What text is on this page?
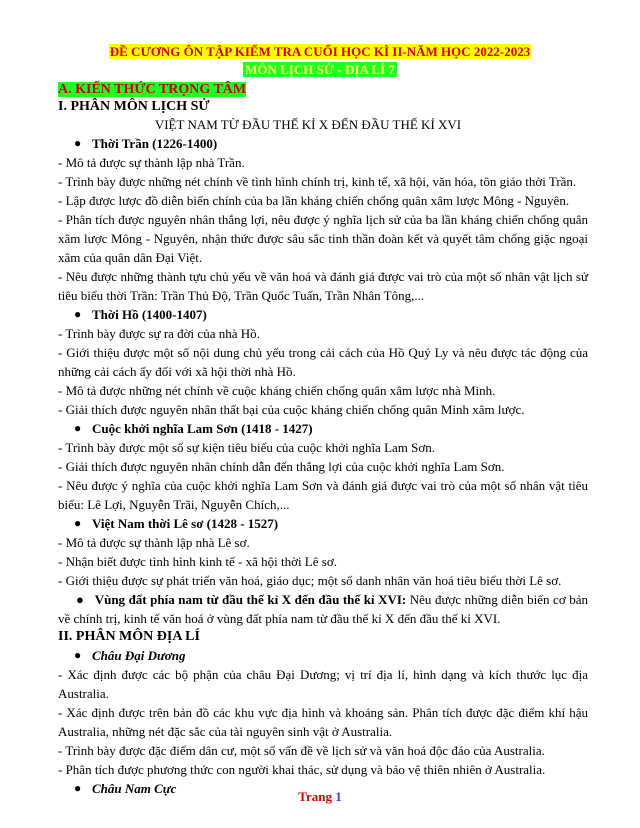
ĐỀ CƯƠNG ÔN TẬP KIỂM TRA CUỐI HỌC KÌ II-NĂM HỌC 2022-2023
MÔN LỊCH SỬ - ĐỊA LÍ 7
A. KIẾN THỨC TRỌNG TÂM
I. PHÂN MÔN LỊCH SỬ
VIỆT NAM TỪ ĐẦU THẾ KỈ X ĐẾN ĐẦU THẾ KỈ XVI
● Thời Trần (1226-1400)
- Mô tả được sự thành lập nhà Trần.
- Trình bày được những nét chính về tình hình chính trị, kinh tế, xã hội, văn hóa, tôn giáo thời Trần.
- Lập được lược đồ diễn biến chính của ba lần kháng chiến chống quân xâm lược Mông - Nguyên.
- Phân tích được nguyên nhân thắng lợi, nêu được ý nghĩa lịch sử của ba lần kháng chiến chống quân xâm lược Mông - Nguyên, nhận thức được sâu sắc tinh thần đoàn kết và quyết tâm chống giặc ngoại xâm của quân dân Đại Việt.
- Nêu được những thành tựu chủ yếu về văn hoá và đánh giá được vai trò của một số nhân vật lịch sử tiêu biểu thời Trần: Trần Thủ Độ, Trần Quốc Tuấn, Trần Nhân Tông,...
● Thời Hồ (1400-1407)
- Trình bày được sự ra đời của nhà Hồ.
- Giới thiệu được một số nội dung chủ yếu trong cải cách của Hồ Quý Ly và nêu được tác động của những cải cách ấy đối với xã hội thời nhà Hồ.
- Mô tả được những nét chính về cuộc kháng chiến chống quân xâm lược nhà Minh.
- Giải thích được nguyên nhân thất bại của cuộc kháng chiến chống quân Minh xâm lược.
● Cuộc khởi nghĩa Lam Sơn (1418 - 1427)
- Trình bày được một số sự kiện tiêu biểu của cuộc khởi nghĩa Lam Sơn.
- Giải thích được nguyên nhân chính dẫn đến thắng lợi của cuộc khởi nghĩa Lam Sơn.
- Nêu được ý nghĩa của cuộc khởi nghĩa Lam Sơn và đánh giá được vai trò của một số nhân vật tiêu biểu: Lê Lợi, Nguyễn Trãi, Nguyễn Chích,...
● Việt Nam thời Lê sơ (1428 - 1527)
- Mô tả được sự thành lập nhà Lê sơ.
- Nhận biết được tình hình kinh tế - xã hội thời Lê sơ.
- Giới thiệu được sự phát triển văn hoá, giáo dục; một số danh nhân văn hoá tiêu biểu thời Lê sơ.
●   Vùng đất phía nam từ đầu thế kỉ X đến đầu thế kỉ XVI: Nêu được những diễn biến cơ bản về chính trị, kinh tế văn hoá ở vùng đất phía nam từ đầu thế kỉ X đến đầu thế kỉ XVI.
II. PHÂN MÔN ĐỊA LÍ
● Châu Đại Dương
- Xác định được các bộ phận của châu Đại Dương; vị trí địa lí, hình dạng và kích thước lục địa Australia.
- Xác định được trên bản đồ các khu vực địa hình và khoáng sản. Phân tích được đặc điểm khí hậu Australia, những nét đặc sắc của tài nguyên sinh vật ở Australia.
- Trình bày được đặc điểm dân cư, một số vấn đề về lịch sử và văn hoá độc đáo của Australia.
- Phân tích được phương thức con người khai thác, sử dụng và bảo vệ thiên nhiên ở Australia.
● Châu Nam Cực
Trang 1
